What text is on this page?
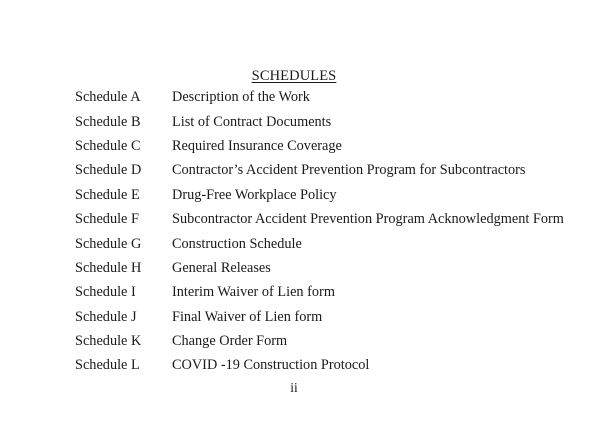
SCHEDULES
Schedule A Description of the Work
Schedule B List of Contract Documents
Schedule C Required Insurance Coverage
Schedule D Contractor’s Accident Prevention Program for Subcontractors
Schedule E Drug-Free Workplace Policy
Schedule F Subcontractor Accident Prevention Program Acknowledgment Form
Schedule G Construction Schedule
Schedule H General Releases
Schedule I	Interim Waiver of Lien form
Schedule J Final Waiver of Lien form
Schedule K Change Order Form
Schedule L COVID -19 Construction Protocol
ii
